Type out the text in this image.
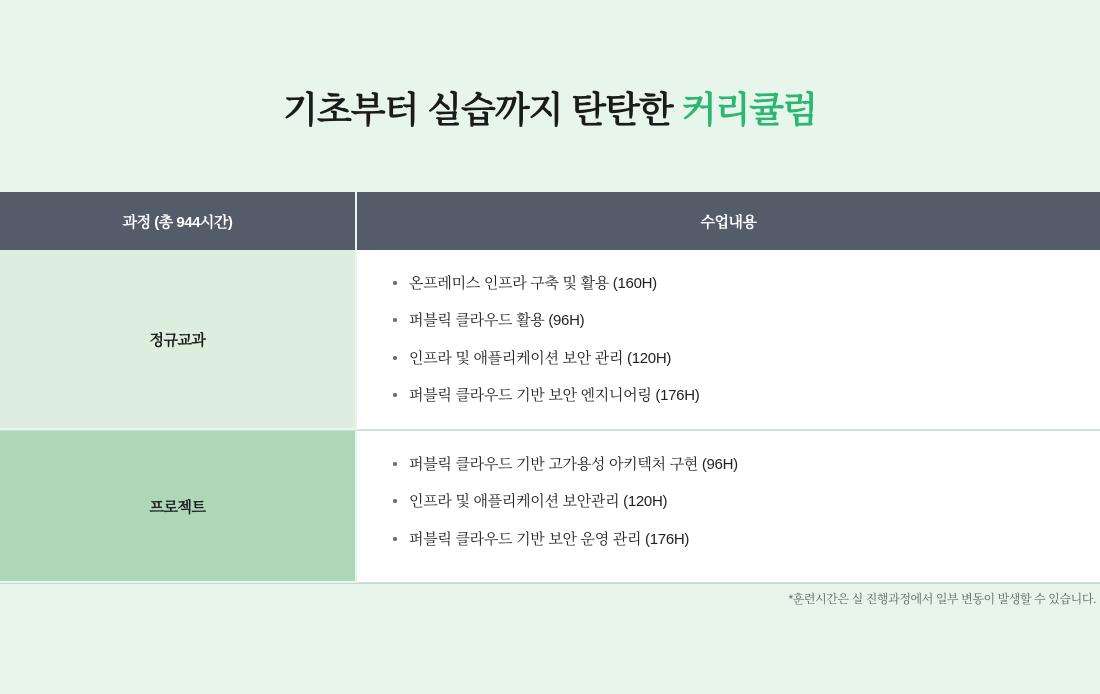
기초부터 실습까지 탄탄한 커리큘럼
과정 (총 944시간)	수업내용
정규교과
온프레미스 인프라 구축 및 활용 (160H)
퍼블릭 클라우드 활용 (96H)
인프라 및 애플리케이션 보안 관리 (120H)
퍼블릭 클라우드 기반 보안 엔지니어링 (176H)
프로젝트
퍼블릭 클라우드 기반 고가용성 아키텍처 구현 (96H)
인프라 및 애플리케이션 보안관리 (120H)
퍼블릭 클라우드 기반 보안 운영 관리 (176H)
*훈련시간은 실 진행과정에서 일부 변동이 발생할 수 있습니다.
